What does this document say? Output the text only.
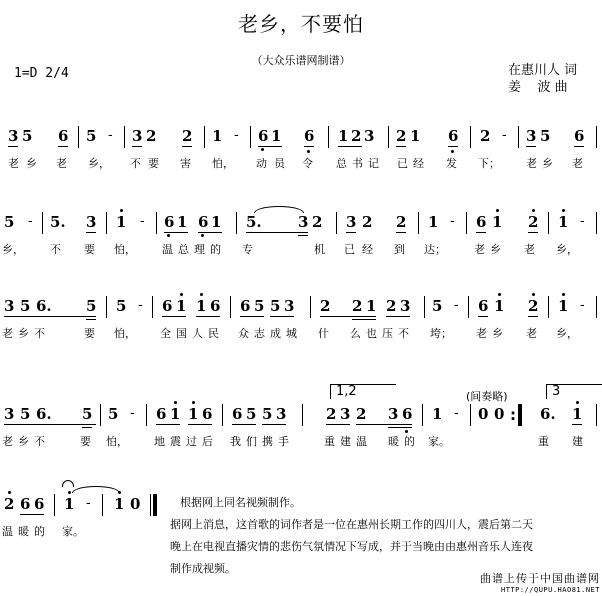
老乡，不要怕
（大众乐谱网制谱）
1=D 2/4	在惠川人 词
姜    波 曲
3 5 6 5 - 3 2 2 1 - 6 1 6 1 2 3 2 1 6 2 - 3 5 6
老 乡 老 乡， 不 要 害 怕， 动 员 令 总 书 记 已 经 发 下； 老 乡 老
5 - 5. 3 1 - 6 1 6 1 5. 3 2 3 2 2 1 - 6 1 2 1 -
乡， 不 要 怕， 温 总 理 的 专	机 已 经 到 达；	老 乡 老 乡，
3 5 6. 5 5 - 6 1 1 6 6 5 5 3 2 2 1 2 3 5 - 6 1 2 1 -
老 乡 不	要 怕， 全 国 人 民 众 志 成 城 什 么 也 压 不 垮； 老 乡 老 乡，
1,2	(间奏略)	3
3 5 6. 5 5 - 6 1 1 6 6 5 5 3	2 3 2 3 6 1 - 0 0 : 6. 1
老 乡 不	要 怕， 地 震 过 后 我 们 携 手	重 建 温 暖 的 家。	重 建
2 6 6 1 - 1 0
温 暖 的 家。
根据网上同名视频制作。
据网上消息，这首歌的词作者是一位在惠州长期工作的四川人，震后第二天
晚上在电视直播灾情的悲伤气氛情况下写成，并于当晚由由惠州音乐人连夜
制作成视频。
曲谱上传于中国曲谱网
HTTP://QUPU.HAO81.NET
